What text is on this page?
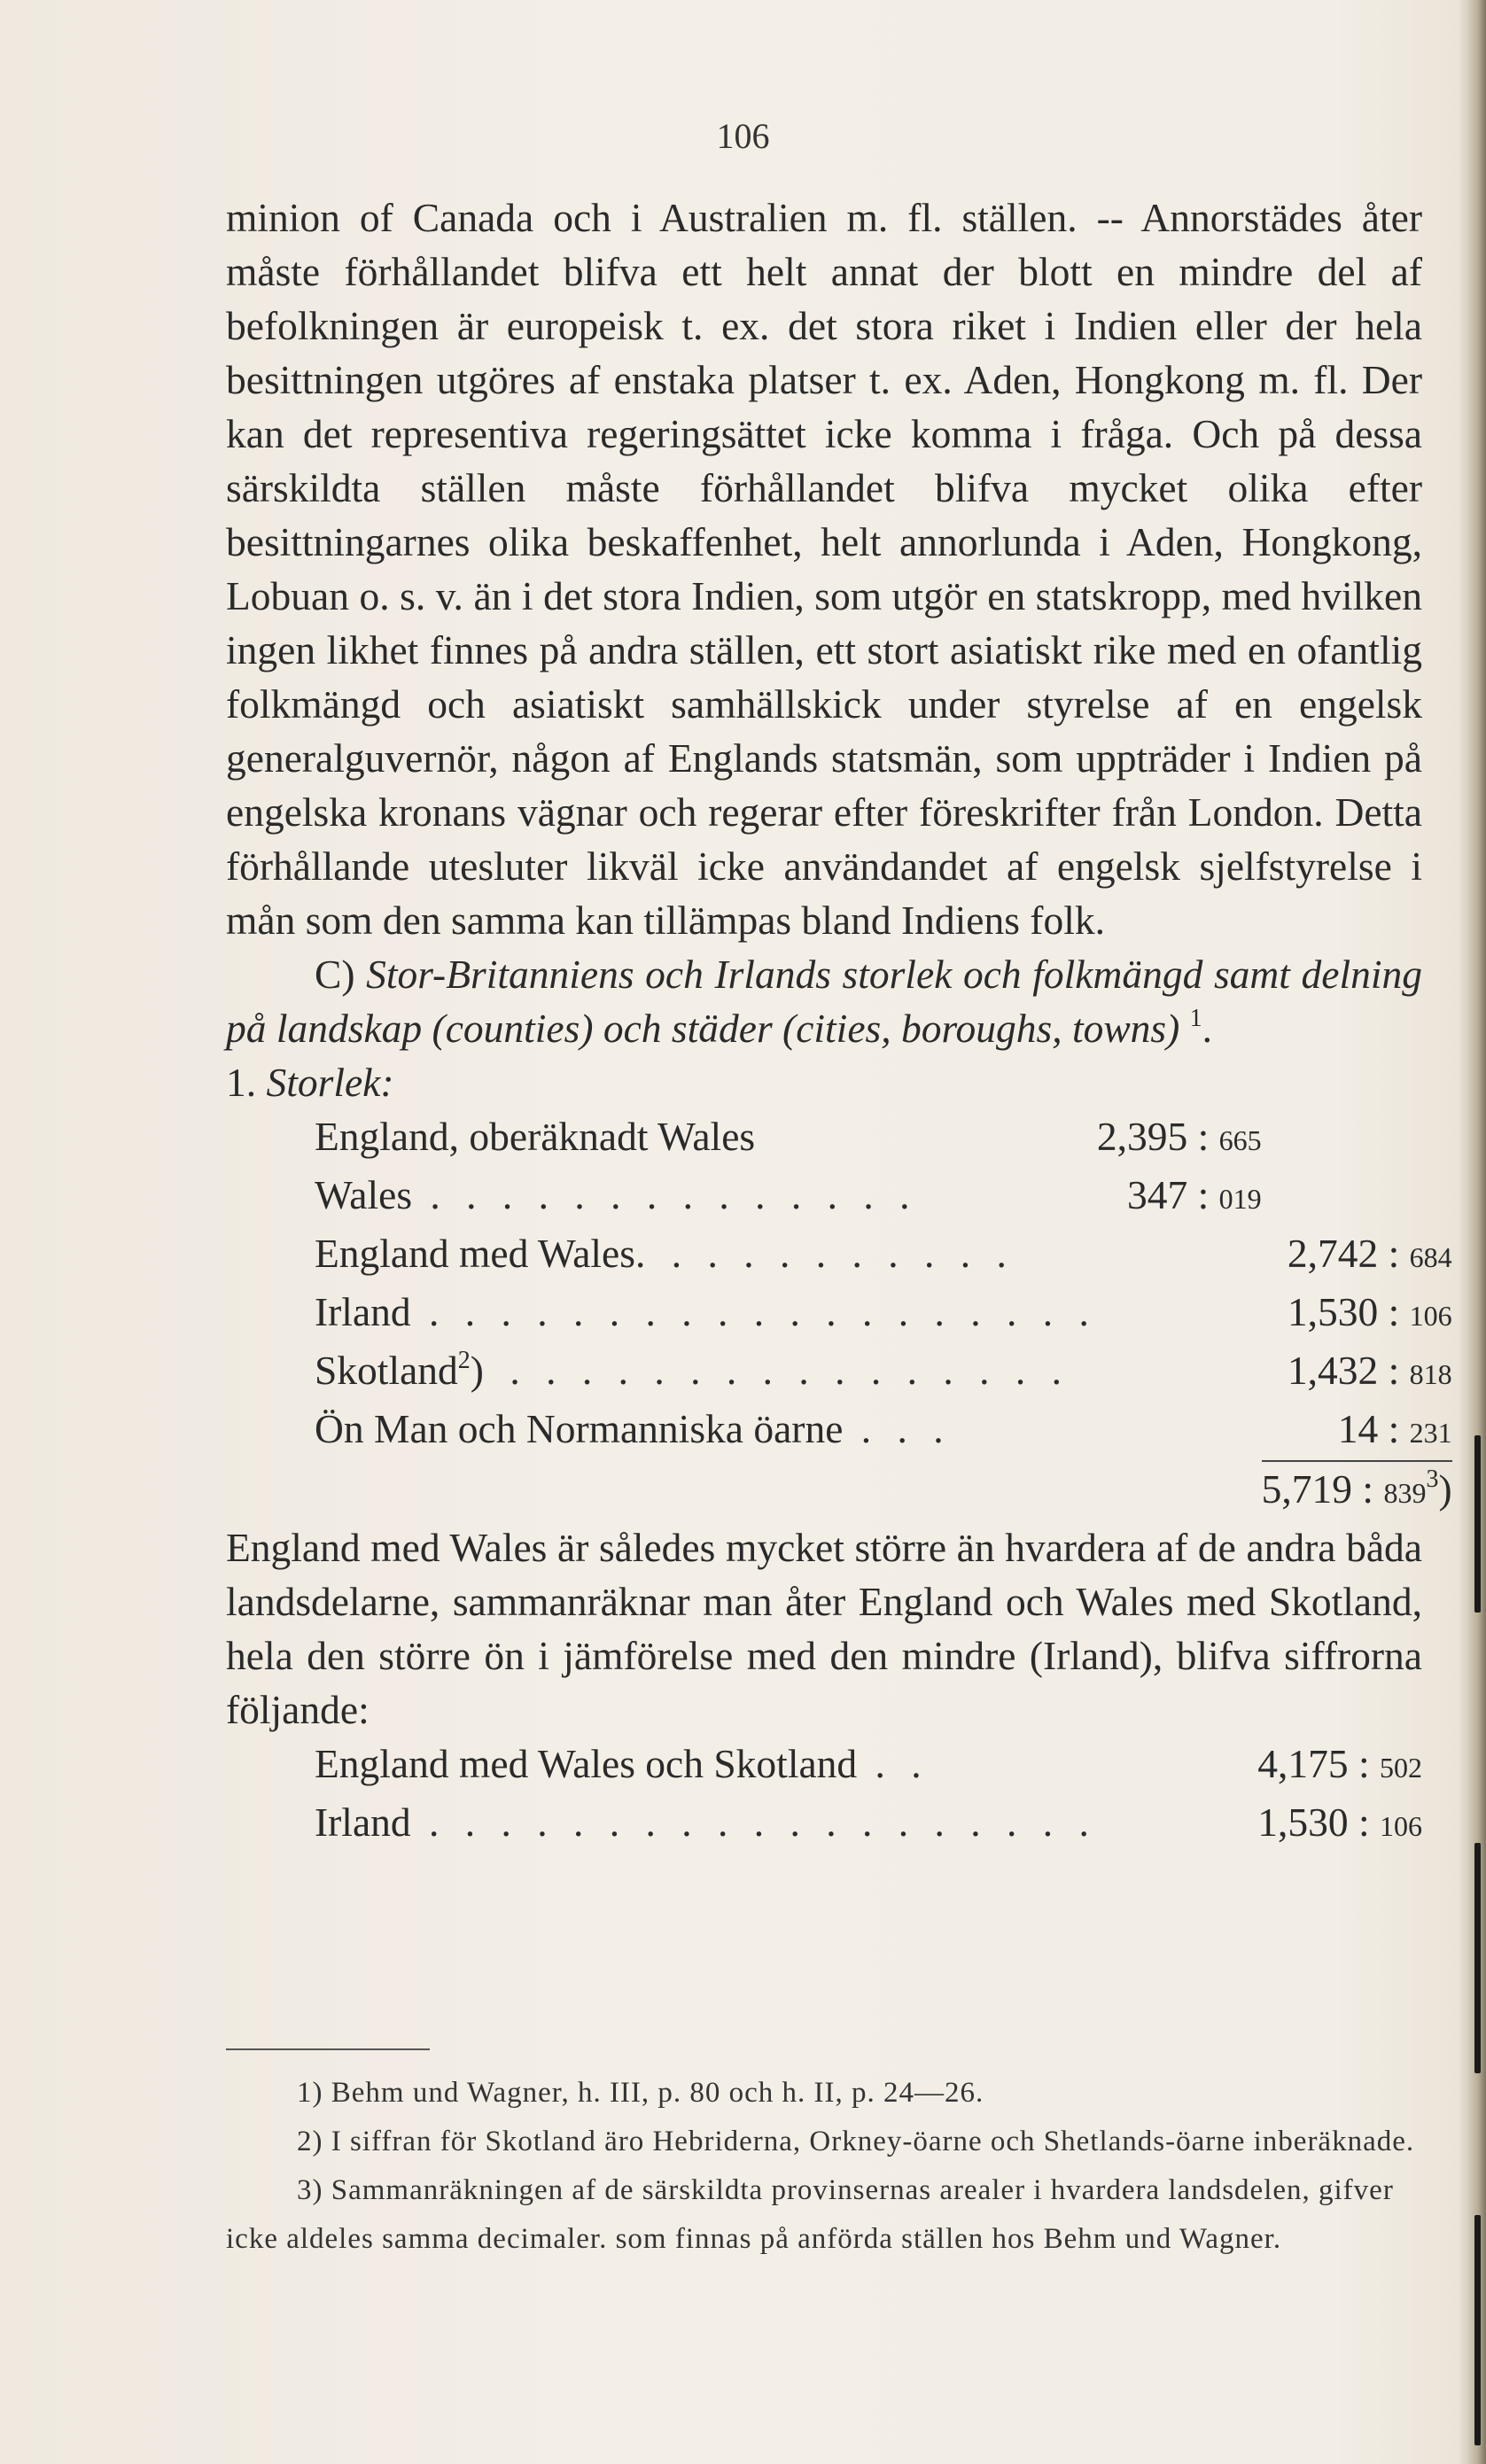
106

minion of Canada och i Australien m. fl. ställen. -- Annorstädes åter måste förhållandet blifva ett helt annat der blott en mindre del af befolkningen är europeisk t. ex. det stora riket i Indien eller der hela besittningen utgöres af enstaka platser t. ex. Aden, Hongkong m. fl. Der kan det representiva regeringsättet icke komma i fråga. Och på dessa särskildta ställen måste förhållandet blifva mycket olika efter besittningarnes olika beskaffenhet, helt annorlunda i Aden, Hongkong, Lobuan o. s. v. än i det stora Indien, som utgör en statskropp, med hvilken ingen likhet finnes på andra ställen, ett stort asiatiskt rike med en ofantlig folkmängd och asiatiskt samhällskick under styrelse af en engelsk generalguvernör, någon af Englands statsmän, som uppträder i Indien på engelska kronans vägnar och regerar efter föreskrifter från London. Detta förhållande utesluter likväl icke användandet af engelsk sjelfstyrelse i mån som den samma kan tillämpas bland Indiens folk.

C) Stor-Britanniens och Irlands storlek och folkmängd samt delning på landskap (counties) och städer (cities, boroughs, towns) $^1$.

1. Storlek:

England, oberäknadt Wales	2,395 : 665	
Wales . . . . . . . . . . . . . .	347 : 019	
England med Wales. . . . . . . . . . .		2,742 : 684
Irland . . . . . . . . . . . . . . . . . . .		1,530 : 106
Skotland$^2$) . . . . . . . . . . . . . . . .		1,432 : 818
Ön Man och Normanniska öarne . . .		14 : 231
		5,719 : $839^3$)

England med Wales är således mycket större än hvardera af de andra båda landsdelarne, sammanräknar man åter England och Wales med Skotland, hela den större ön i jämförelse med den mindre (Irland), blifva siffrorna följande:

England med Wales och Skotland . .		4,175 : 502
Irland . . . . . . . . . . . . . . . . . . .		1,530 : 106

1) Behm und Wagner, h. III, p. 80 och h. II, p. 24—26.

2) I siffran för Skotland äro Hebriderna, Orkney-öarne och Shetlands-öarne inberäknade.

3) Sammanräkningen af de särskildta provinsernas arealer i hvardera landsdelen, gifver icke aldeles samma decimaler. som finnas på anförda ställen hos Behm und Wagner.
